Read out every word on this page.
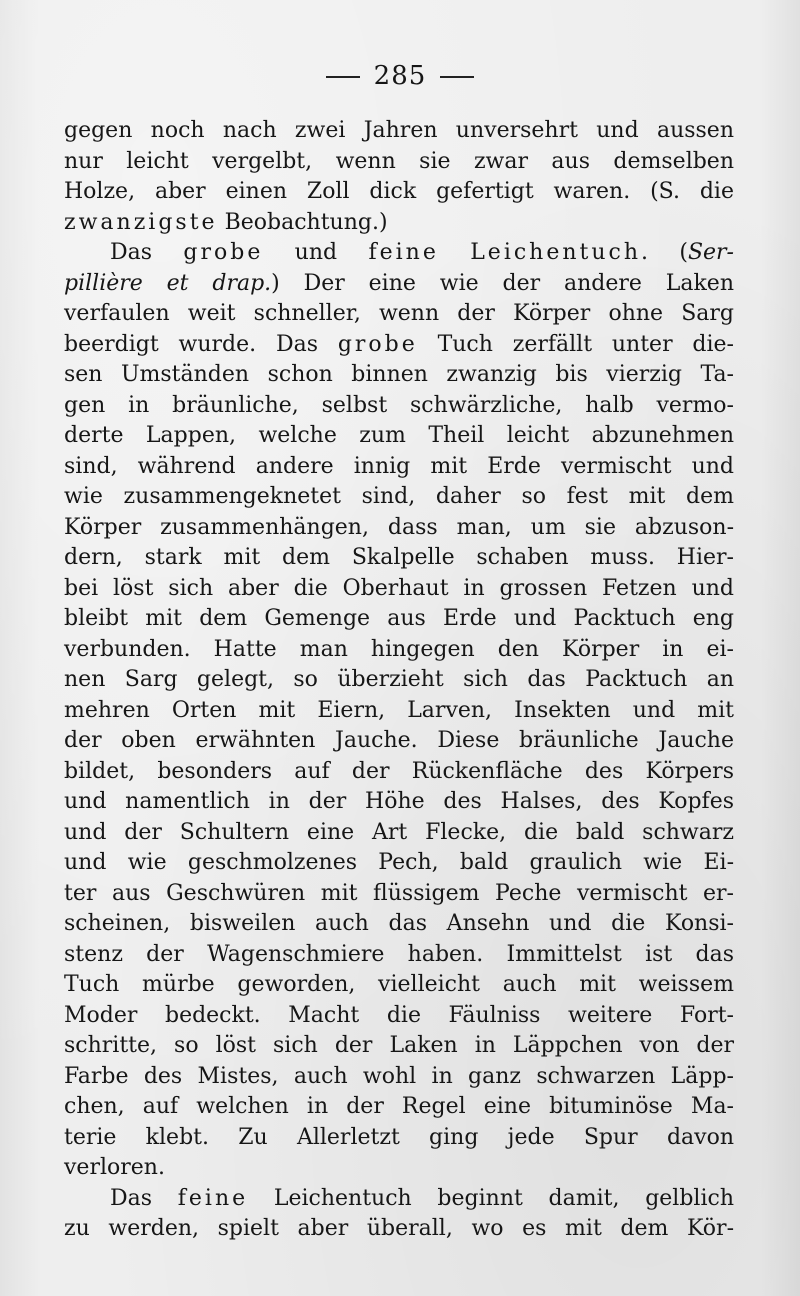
285
gegen noch nach zwei Jahren unversehrt und aussen
nur leicht vergelbt, wenn sie zwar aus demselben
Holze, aber einen Zoll dick gefertigt waren. (S. die
zwanzigste Beobachtung.)
Das grobe und feine Leichentuch. (Ser-
pillière et drap.) Der eine wie der andere Laken
verfaulen weit schneller, wenn der Körper ohne Sarg
beerdigt wurde. Das grobe Tuch zerfällt unter die-
sen Umständen schon binnen zwanzig bis vierzig Ta-
gen in bräunliche, selbst schwärzliche, halb vermo-
derte Lappen, welche zum Theil leicht abzunehmen
sind, während andere innig mit Erde vermischt und
wie zusammengeknetet sind, daher so fest mit dem
Körper zusammenhängen, dass man, um sie abzuson-
dern, stark mit dem Skalpelle schaben muss. Hier-
bei löst sich aber die Oberhaut in grossen Fetzen und
bleibt mit dem Gemenge aus Erde und Packtuch eng
verbunden. Hatte man hingegen den Körper in ei-
nen Sarg gelegt, so überzieht sich das Packtuch an
mehren Orten mit Eiern, Larven, Insekten und mit
der oben erwähnten Jauche. Diese bräunliche Jauche
bildet, besonders auf der Rückenfläche des Körpers
und namentlich in der Höhe des Halses, des Kopfes
und der Schultern eine Art Flecke, die bald schwarz
und wie geschmolzenes Pech, bald graulich wie Ei-
ter aus Geschwüren mit flüssigem Peche vermischt er-
scheinen, bisweilen auch das Ansehn und die Konsi-
stenz der Wagenschmiere haben. Immittelst ist das
Tuch mürbe geworden, vielleicht auch mit weissem
Moder bedeckt. Macht die Fäulniss weitere Fort-
schritte, so löst sich der Laken in Läppchen von der
Farbe des Mistes, auch wohl in ganz schwarzen Läpp-
chen, auf welchen in der Regel eine bituminöse Ma-
terie klebt. Zu Allerletzt ging jede Spur davon
verloren.
Das feine Leichentuch beginnt damit, gelblich
zu werden, spielt aber überall, wo es mit dem Kör-
